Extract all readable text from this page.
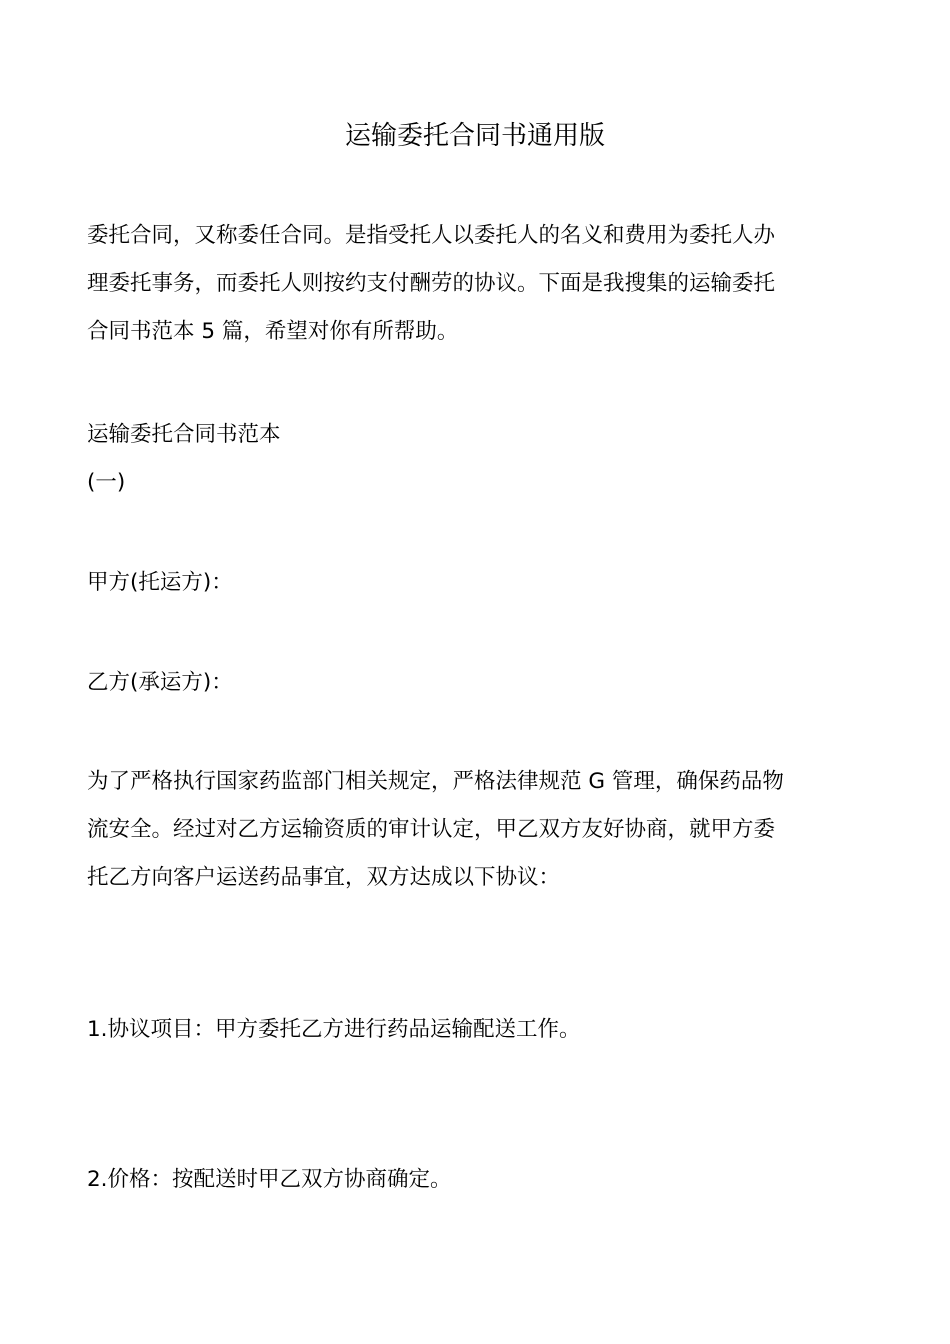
运输委托合同书通用版
委托合同，又称委任合同。是指受托人以委托人的名义和费用为委托人办
理委托事务，而委托人则按约支付酬劳的协议。下面是我搜集的运输委托
合同书范本 5 篇，希望对你有所帮助。
运输委托合同书范本
(一)
甲方(托运方)：
乙方(承运方)：
为了严格执行国家药监部门相关规定，严格法律规范 G 管理，确保药品物
流安全。经过对乙方运输资质的审计认定，甲乙双方友好协商，就甲方委
托乙方向客户运送药品事宜，双方达成以下协议：
1.协议项目：甲方委托乙方进行药品运输配送工作。
2.价格：按配送时甲乙双方协商确定。
